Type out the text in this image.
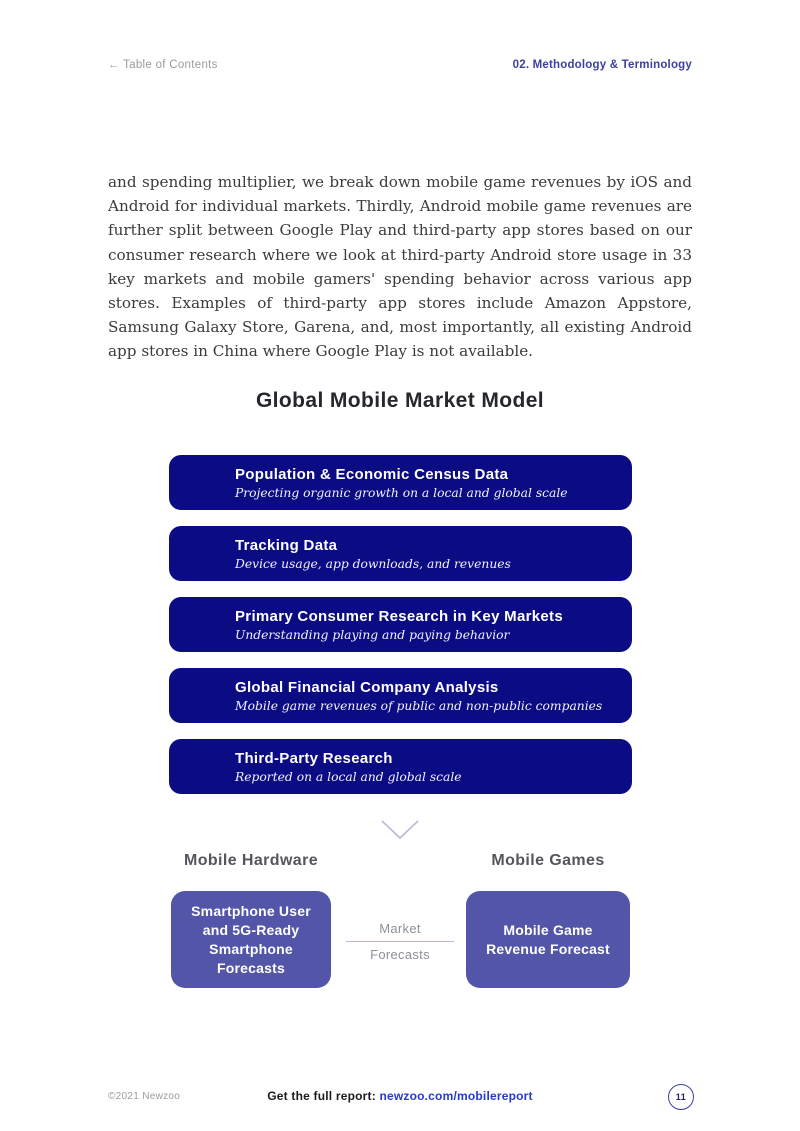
← Table of Contents	02. Methodology & Terminology

and spending multiplier, we break down mobile game revenues by iOS and Android for individual markets. Thirdly, Android mobile game revenues are further split between Google Play and third-party app stores based on our consumer research where we look at third-party Android store usage in 33 key markets and mobile gamers' spending behavior across various app stores. Examples of third-party app stores include Amazon Appstore, Samsung Galaxy Store, Garena, and, most importantly, all existing Android app stores in China where Google Play is not available.

Global Mobile Market Model
Population & Economic Census Data
Projecting organic growth on a local and global scale
Tracking Data
Device usage, app downloads, and revenues
Primary Consumer Research in Key Markets
Understanding playing and paying behavior
Global Financial Company Analysis
Mobile game revenues of public and non-public companies
Third-Party Research
Reported on a local and global scale
Mobile Hardware	Mobile Games
Smartphone User and 5G-Ready Smartphone Forecasts
Market
Forecasts
Mobile Game Revenue Forecast
©2021 Newzoo	Get the full report: newzoo.com/mobilereport	11
